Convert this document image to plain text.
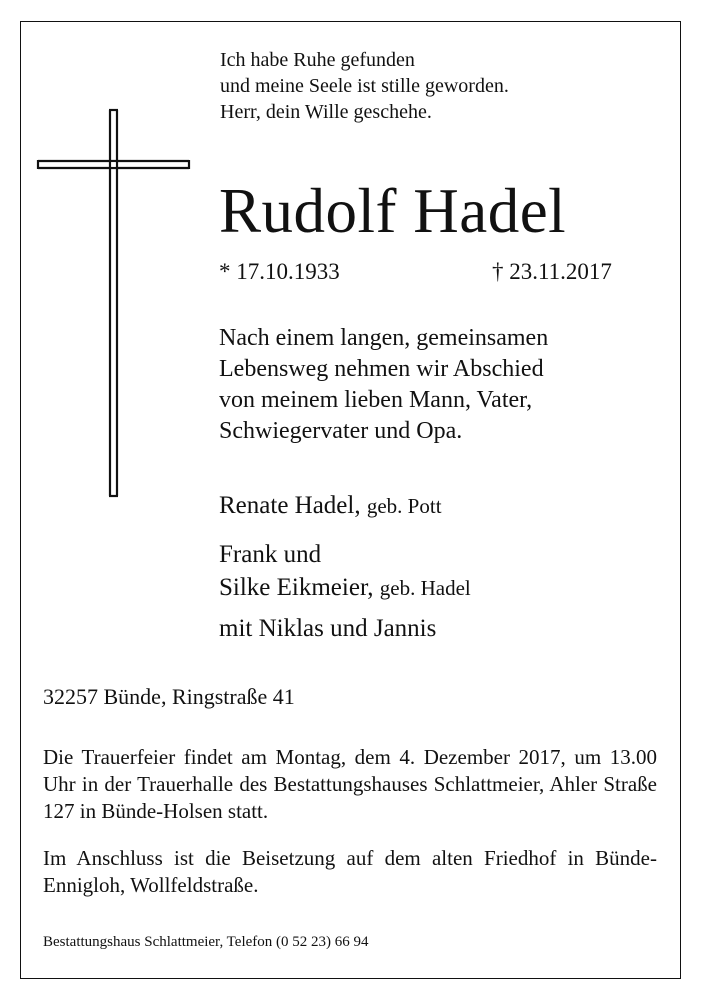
Ich habe Ruhe gefunden
und meine Seele ist stille geworden.
Herr, dein Wille geschehe.
Rudolf Hadel
* 17.10.1933	† 23.11.2017
Nach einem langen, gemeinsamen
Lebensweg nehmen wir Abschied
von meinem lieben Mann, Vater,
Schwiegervater und Opa.
Renate Hadel, geb. Pott
Frank und
Silke Eikmeier, geb. Hadel
mit Niklas und Jannis
32257 Bünde, Ringstraße 41

Die Trauerfeier findet am Montag, dem 4. Dezember 2017, um 13.00 Uhr in der Trauerhalle des Bestattungshauses Schlattmeier, Ahler Straße 127 in Bünde-Holsen statt.

Im Anschluss ist die Beisetzung auf dem alten Friedhof in Bünde-Ennigloh, Wollfeldstraße.

Bestattungshaus Schlattmeier, Telefon (0 52 23) 66 94
